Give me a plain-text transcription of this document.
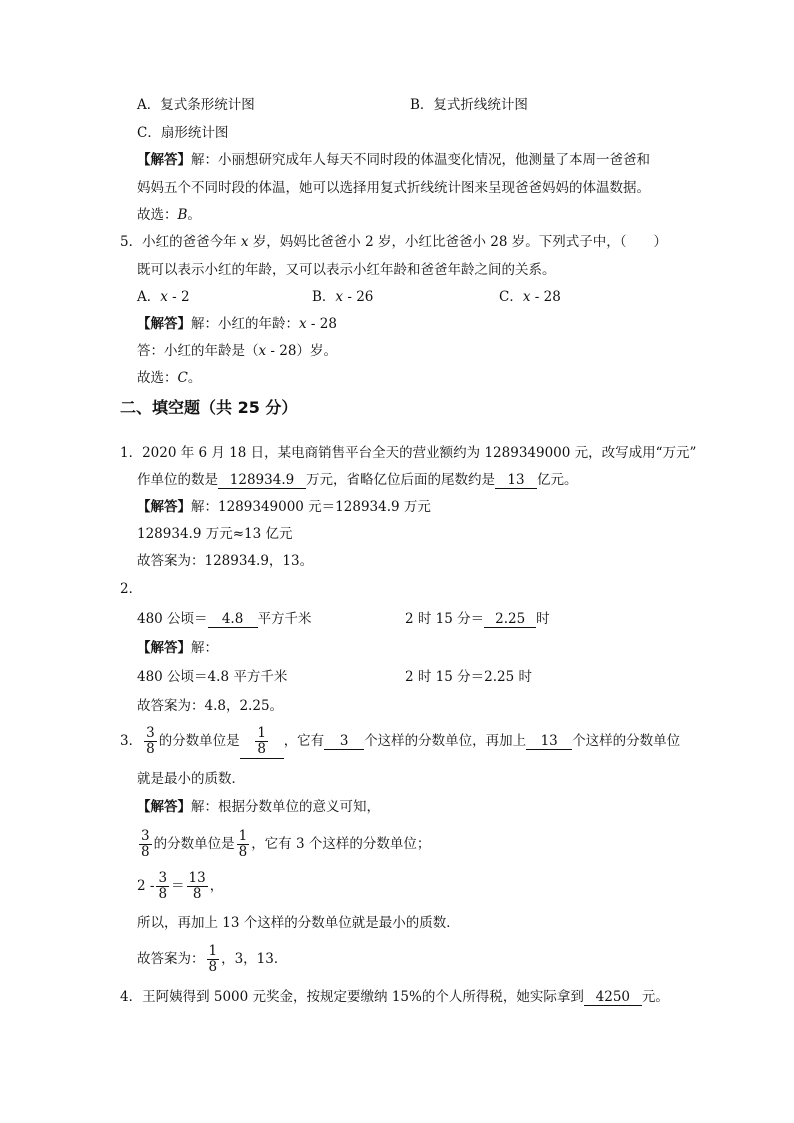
A．复式条形统计图	B．复式折线统计图
C．扇形统计图
【解答】解：小丽想研究成年人每天不同时段的体温变化情况，他测量了本周一爸爸和
妈妈五个不同时段的体温，她可以选择用复式折线统计图来呈现爸爸妈妈的体温数据。
故选：B。
5．小红的爸爸今年 x 岁，妈妈比爸爸小 2 岁，小红比爸爸小 28 岁。下列式子中，（　　）
既可以表示小红的年龄，又可以表示小红年龄和爸爸年龄之间的关系。
A．x - 2	B．x - 26	C．x - 28
【解答】解：小红的年龄：x - 28
答：小红的年龄是（x - 28）岁。
故选：C。
二、填空题（共 25 分）
1．2020 年 6 月 18 日，某电商销售平台全天的营业额约为 1289349000 元，改写成用“万元”
作单位的数是 128934.9 万元，省略亿位后面的尾数约是 13 亿元。
【解答】解：1289349000 元＝128934.9 万元
128934.9 万元≈13 亿元
故答案为：128934.9，13。
2．
480 公顷＝ 4.8 平方千米	2 时 15 分＝ 2.25 时
【解答】解：
480 公顷＝4.8 平方千米	2 时 15 分＝2.25 时
故答案为：4.8，2.25。
3． $\frac{3}{8}$ 的分数单位是 $\frac{1}{8}$ ，它有 3 个这样的分数单位，再加上 13 个这样的分数单位
就是最小的质数．
【解答】解：根据分数单位的意义可知，
$\frac{3}{8}$ 的分数单位是 $\frac{1}{8}$ ，它有 3 个这样的分数单位；
$2 - \frac{3}{8} = \frac{13}{8}$ ，
所以，再加上 13 个这样的分数单位就是最小的质数．
故答案为： $\frac{1}{8}$ ，3，13．
4．王阿姨得到 5000 元奖金，按规定要缴纳 15%的个人所得税，她实际拿到 4250 元。
